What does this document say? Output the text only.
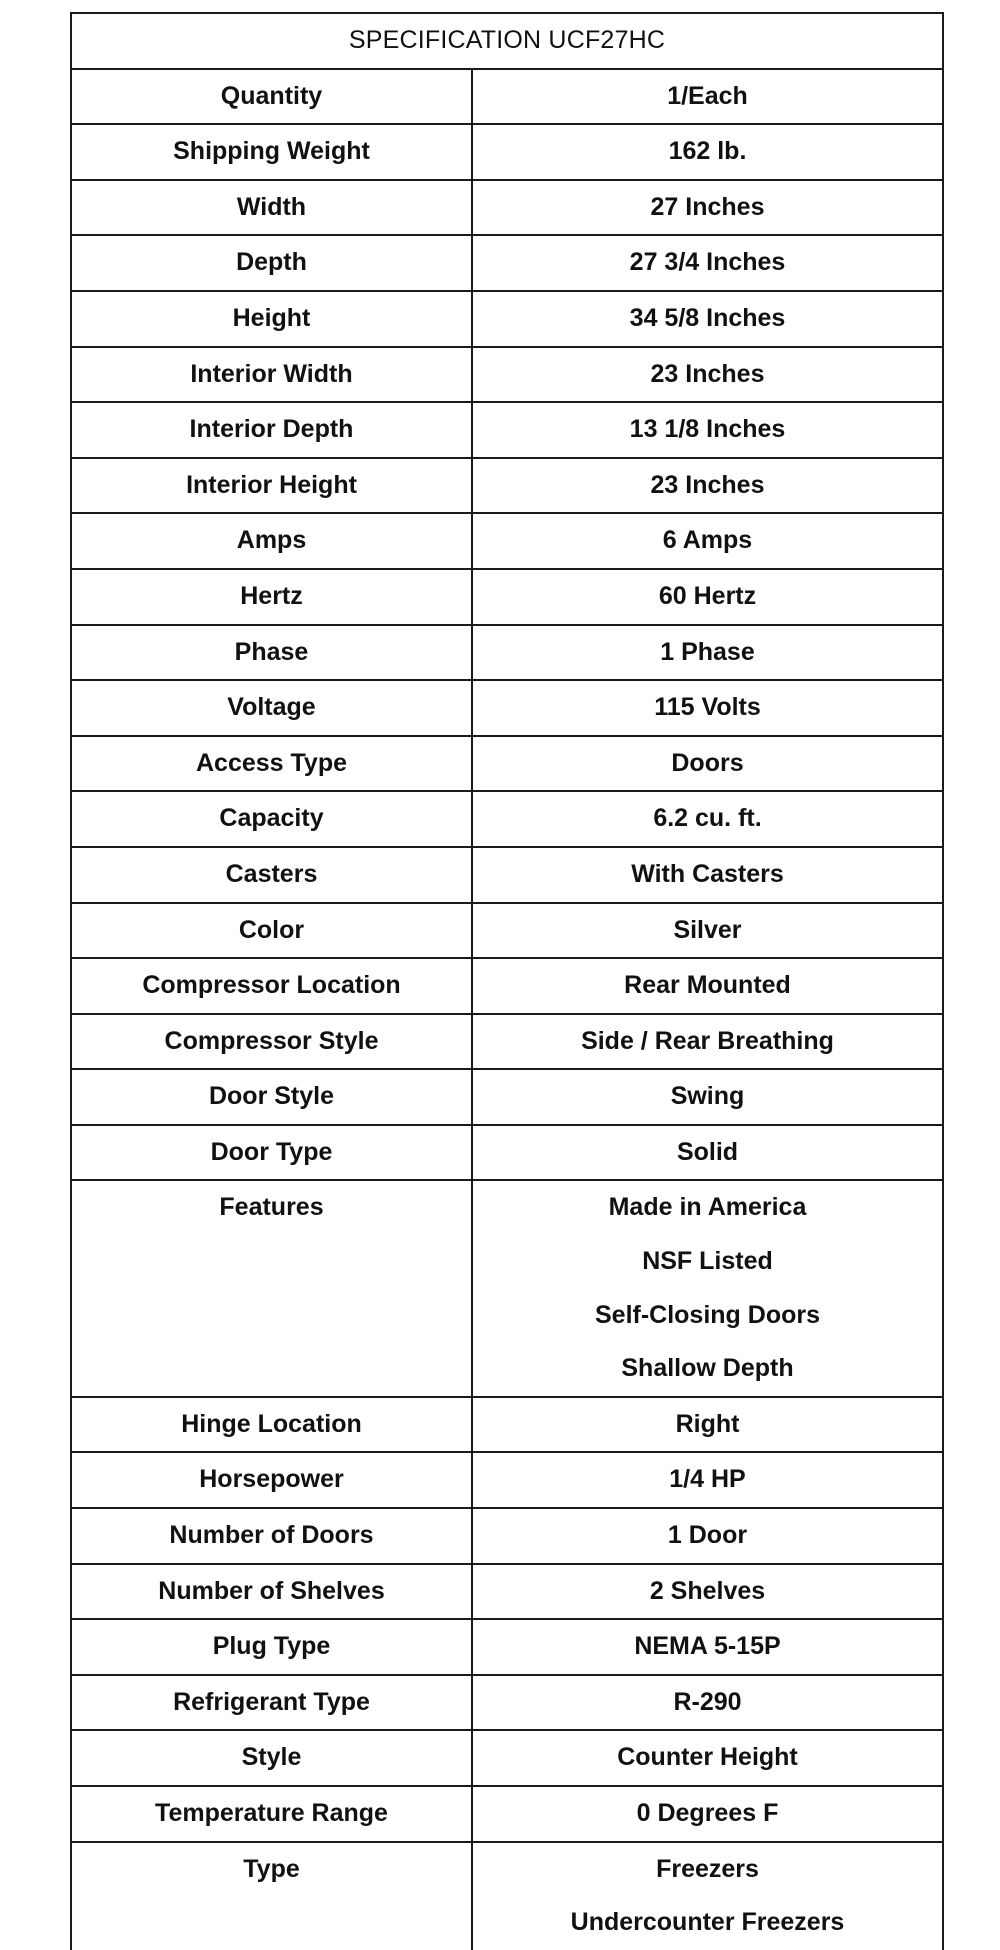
SPECIFICATION UCF27HC	
Quantity	1/Each

Shipping Weight	162 lb.

Width	27 Inches

Depth	27 3/4 Inches

Height	34 5/8 Inches

Interior Width	23 Inches

Interior Depth	13 1/8 Inches

Interior Height	23 Inches

Amps	6 Amps

Hertz	60 Hertz

Phase	1 Phase

Voltage	115 Volts

Access Type	Doors

Capacity	6.2 cu. ft.

Casters	With Casters

Color	Silver

Compressor Location	Rear Mounted

Compressor Style	Side / Rear Breathing

Door Style	Swing

Door Type	Solid

Features	Made in America
NSF Listed
Self-Closing Doors
Shallow Depth

Hinge Location	Right

Horsepower	1/4 HP

Number of Doors	1 Door

Number of Shelves	2 Shelves

Plug Type	NEMA 5-15P

Refrigerant Type	R-290

Style	Counter Height

Temperature Range	0 Degrees F

Type	Freezers
Undercounter Freezers
